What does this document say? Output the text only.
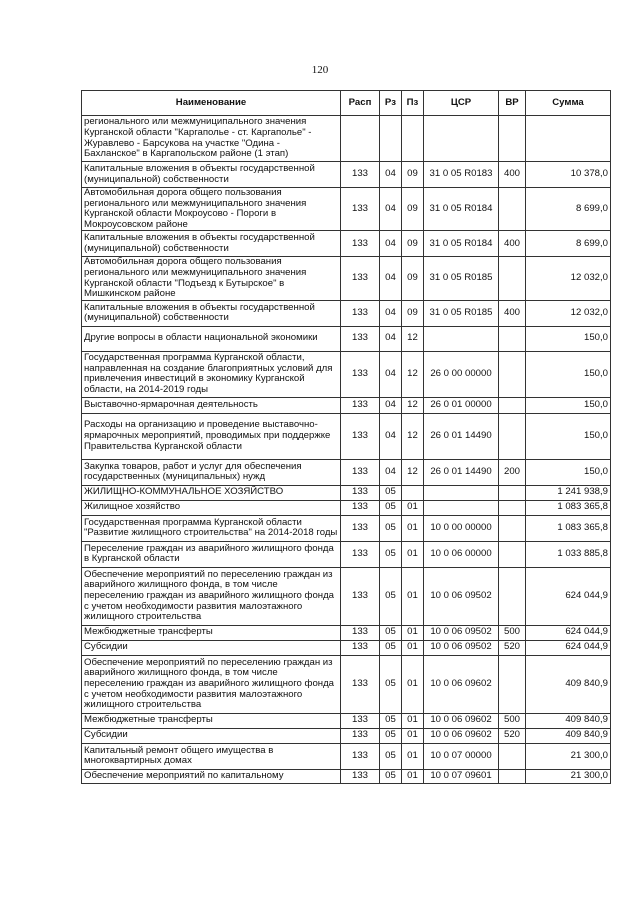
120
Наименование	Расп	Рз	Пз	ЦСР	ВР	Сумма
регионального или межмуниципального значения Курганской области "Каргаполье - ст. Каргаполье" - Журавлево - Барсукова на участке "Одина - Бахланское" в Каргапольском районе (1 этап)						
Капитальные вложения в объекты государственной (муниципальной) собственности	133	04	09	31 0 05 R0183	400	10 378,0
Автомобильная дорога общего пользования регионального или межмуниципального значения Курганской области Мокроусово - Пороги в Мокроусовском районе	133	04	09	31 0 05 R0184		8 699,0
Капитальные вложения в объекты государственной (муниципальной) собственности	133	04	09	31 0 05 R0184	400	8 699,0
Автомобильная дорога общего пользования регионального или межмуниципального значения Курганской области "Подъезд к Бутырское" в Мишкинском районе	133	04	09	31 0 05 R0185		12 032,0
Капитальные вложения в объекты государственной (муниципальной) собственности	133	04	09	31 0 05 R0185	400	12 032,0
Другие вопросы в области национальной экономики	133	04	12			150,0
Государственная программа Курганской области, направленная на создание благоприятных условий для привлечения инвестиций в экономику Курганской области, на 2014-2019 годы	133	04	12	26 0 00 00000		150,0
Выставочно-ярмарочная деятельность	133	04	12	26 0 01 00000		150,0
Расходы на организацию и проведение выставочно-ярмарочных мероприятий, проводимых при поддержке Правительства Курганской области	133	04	12	26 0 01 14490		150,0
Закупка товаров, работ и услуг для обеспечения государственных (муниципальных) нужд	133	04	12	26 0 01 14490	200	150,0
ЖИЛИЩНО-КОММУНАЛЬНОЕ ХОЗЯЙСТВО	133	05				1 241 938,9
Жилищное хозяйство	133	05	01			1 083 365,8
Государственная программа Курганской области "Развитие жилищного строительства" на 2014-2018 годы	133	05	01	10 0 00 00000		1 083 365,8
Переселение граждан из аварийного жилищного фонда в Курганской области	133	05	01	10 0 06 00000		1 033 885,8
Обеспечение мероприятий по переселению граждан из аварийного жилищного фонда, в том числе переселению граждан из аварийного жилищного фонда с учетом необходимости развития малоэтажного жилищного строительства	133	05	01	10 0 06 09502		624 044,9
Межбюджетные трансферты	133	05	01	10 0 06 09502	500	624 044,9
Субсидии	133	05	01	10 0 06 09502	520	624 044,9
Обеспечение мероприятий по переселению граждан из аварийного жилищного фонда, в том числе переселению граждан из аварийного жилищного фонда с учетом необходимости развития малоэтажного жилищного строительства	133	05	01	10 0 06 09602		409 840,9
Межбюджетные трансферты	133	05	01	10 0 06 09602	500	409 840,9
Субсидии	133	05	01	10 0 06 09602	520	409 840,9
Капитальный ремонт общего имущества в многоквартирных домах	133	05	01	10 0 07 00000		21 300,0
Обеспечение мероприятий по капитальному	133	05	01	10 0 07 09601		21 300,0
